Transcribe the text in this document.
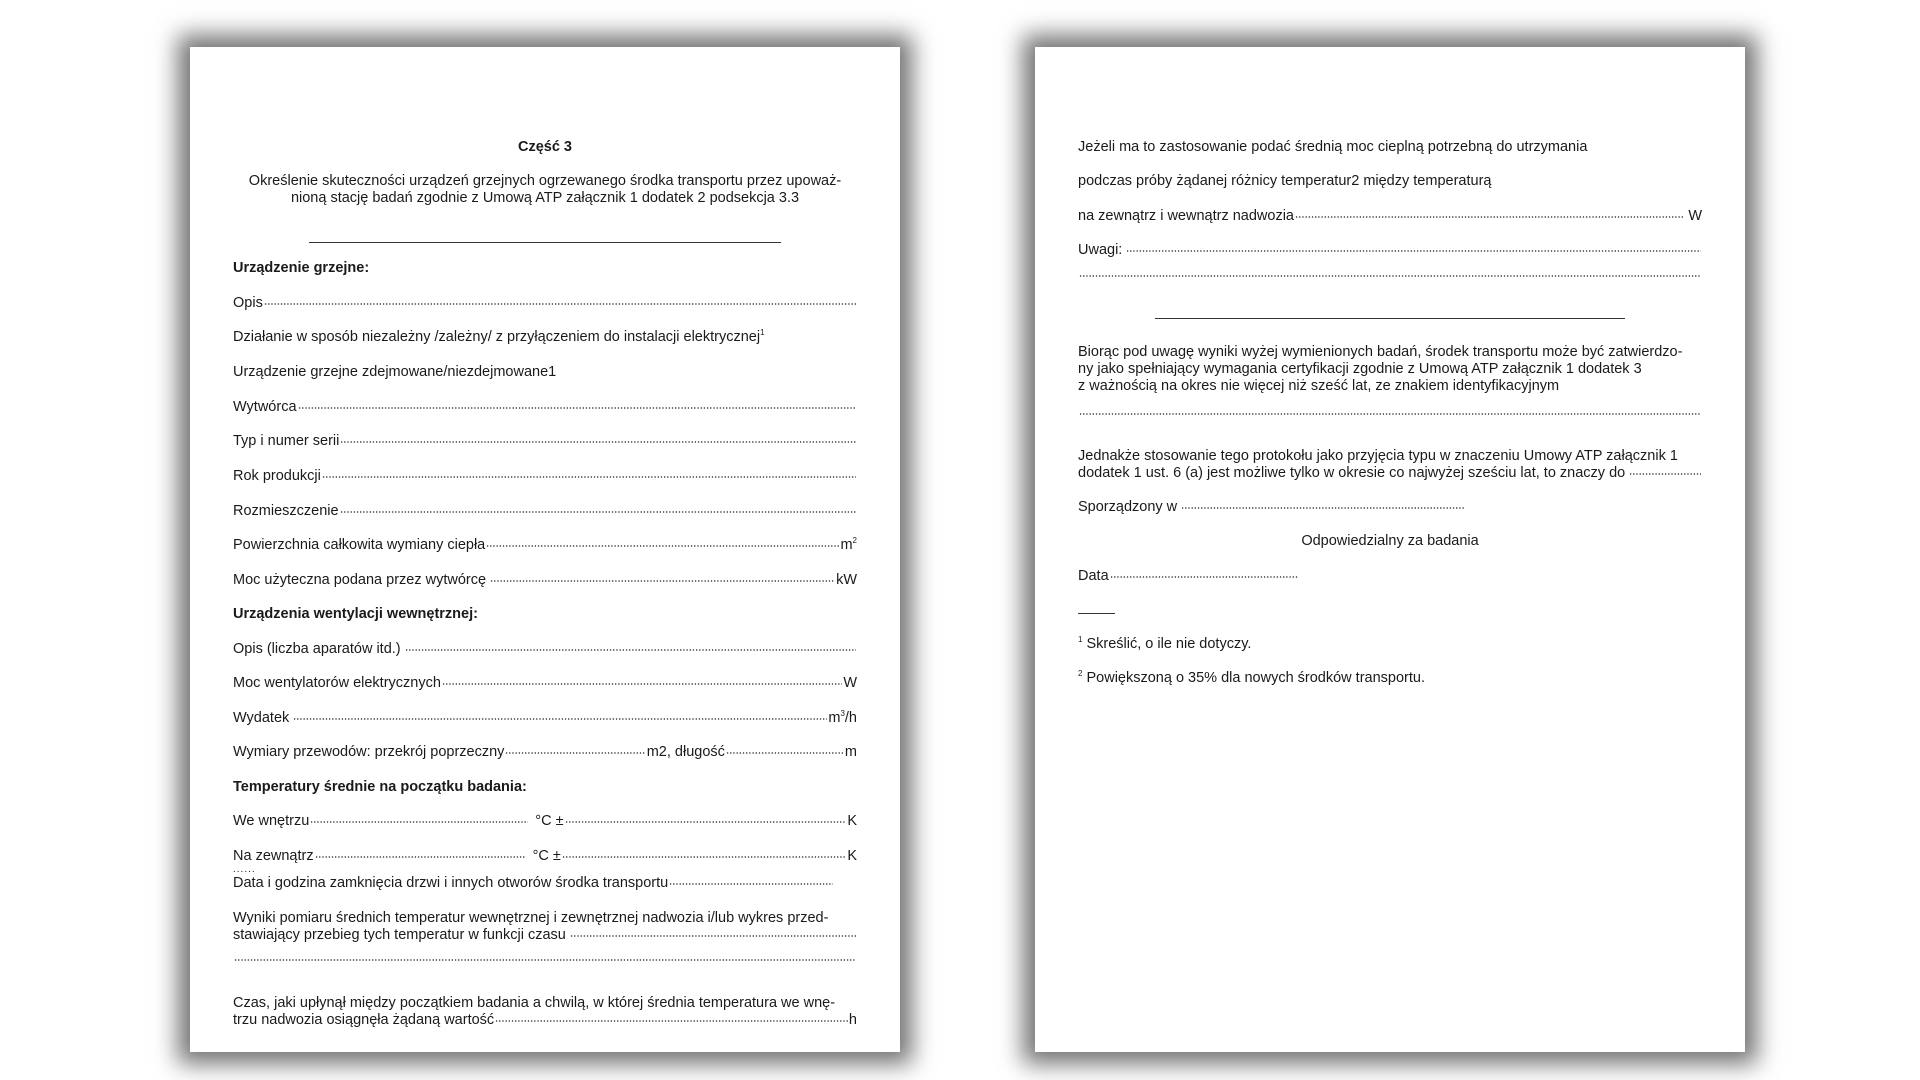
Część 3
Określenie skuteczności urządzeń grzejnych ogrzewanego środka transportu przez upoważ-
nioną stację badań zgodnie z Umową ATP załącznik 1 dodatek 2 podsekcja 3.3
Urządzenie grzejne:
Opis
Działanie w sposób niezależny /zależny/ z przyłączeniem do instalacji elektrycznej$^1$
Urządzenie grzejne zdejmowane/niezdejmowane1
Wytwórca
Typ i numer serii
Rok produkcji
Rozmieszczenie
Powierzchnia całkowita wymiany ciepła	$m^2$
Moc użyteczna podana przez wytwórcę	kW
Urządzenia wentylacji wewnętrznej:
Opis (liczba aparatów itd.)
Moc wentylatorów elektrycznych	W
Wydatek	$m^3/h$
Wymiary przewodów: przekrój poprzeczny	m2, długość	m
Temperatury średnie na początku badania:
We wnętrzu	°C ±	K
Na zewnątrz	°C ±	K
......
Data i godzina zamknięcia drzwi i innych otworów środka transportu
Wyniki pomiaru średnich temperatur wewnętrznej i zewnętrznej nadwozia i/lub wykres przed-
stawiający przebieg tych temperatur w funkcji czasu
Czas, jaki upłynął między początkiem badania a chwilą, w której średnia temperatura we wnę-
trzu nadwozia osiągnęła żądaną wartość	h
Jeżeli ma to zastosowanie podać średnią moc cieplną potrzebną do utrzymania
podczas próby żądanej różnicy temperatur2 między temperaturą
na zewnątrz i wewnątrz nadwozia	W
Uwagi:
Biorąc pod uwagę wyniki wyżej wymienionych badań, środek transportu może być zatwierdzo-
ny jako spełniający wymagania certyfikacji zgodnie z Umową ATP załącznik 1 dodatek 3
z ważnością na okres nie więcej niż sześć lat, ze znakiem identyfikacyjnym
Jednakże stosowanie tego protokołu jako przyjęcia typu w znaczeniu Umowy ATP załącznik 1
dodatek 1 ust. 6 (a) jest możliwe tylko w okresie co najwyżej sześciu lat, to znaczy do
Sporządzony w
Odpowiedzialny za badania
Data
$^1$ Skreślić, o ile nie dotyczy.
$^2$ Powiększoną o 35% dla nowych środków transportu.
